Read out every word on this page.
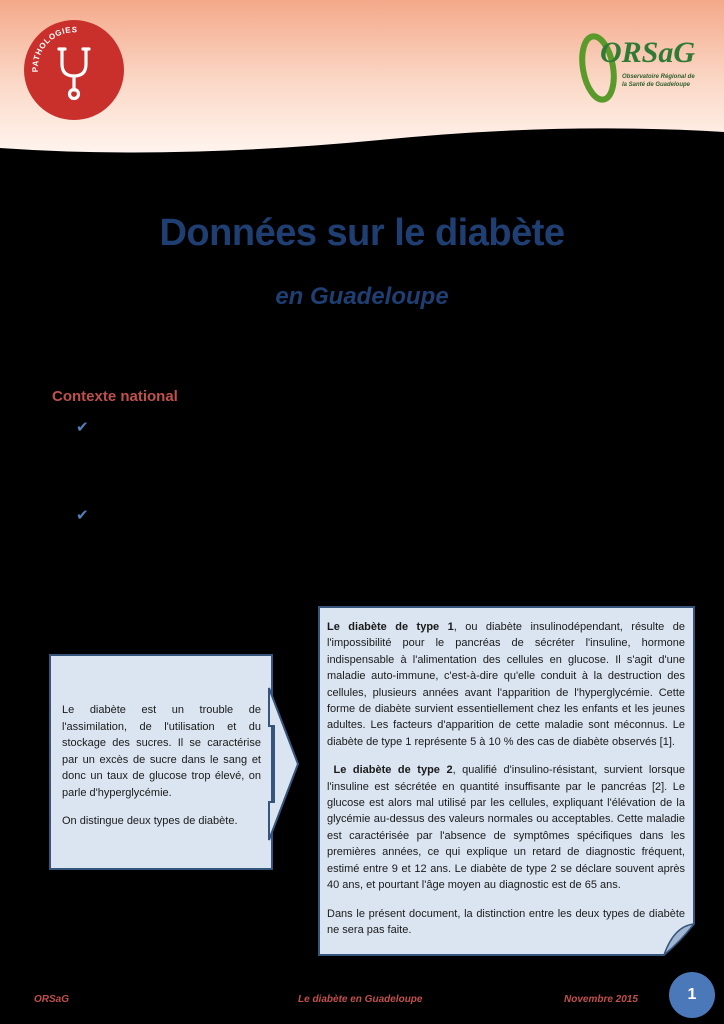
PATHOLOGIES
ORSaG
Observatoire Régional de
la Santé de Guadeloupe
Données sur le diabète
en Guadeloupe
Contexte national
✔
✔

Le diabète est un trouble de l'assimilation, de l'utilisation et du stockage des sucres. Il se caractérise par un excès de sucre dans le sang et donc un taux de glucose trop élevé, on parle d'hyperglycémie.

On distingue deux types de diabète.

Le diabète de type 1, ou diabète insulinodépendant, résulte de l'impossibilité pour le pancréas de sécréter l'insuline, hormone indispensable à l'alimentation des cellules en glucose. Il s'agit d'une maladie auto-immune, c'est-à-dire qu'elle conduit à la destruction des cellules, plusieurs années avant l'apparition de l'hyperglycémie. Cette forme de diabète survient essentiellement chez les enfants et les jeunes adultes. Les facteurs d'apparition de cette maladie sont méconnus. Le diabète de type 1 représente 5 à 10 % des cas de diabète observés [1].

Le diabète de type 2, qualifié d'insulino-résistant, survient lorsque l'insuline est sécrétée en quantité insuffisante par le pancréas [2]. Le glucose est alors mal utilisé par les cellules, expliquant l'élévation de la glycémie au-dessus des valeurs normales ou acceptables. Cette maladie est caractérisée par l'absence de symptômes spécifiques dans les premières années, ce qui explique un retard de diagnostic fréquent, estimé entre 9 et 12 ans. Le diabète de type 2 se déclare souvent après 40 ans, et pourtant l'âge moyen au diagnostic est de 65 ans.

Dans le présent document, la distinction entre les deux types de diabète ne sera pas faite.

ORSaG	Le diabète en Guadeloupe	Novembre 2015	1
